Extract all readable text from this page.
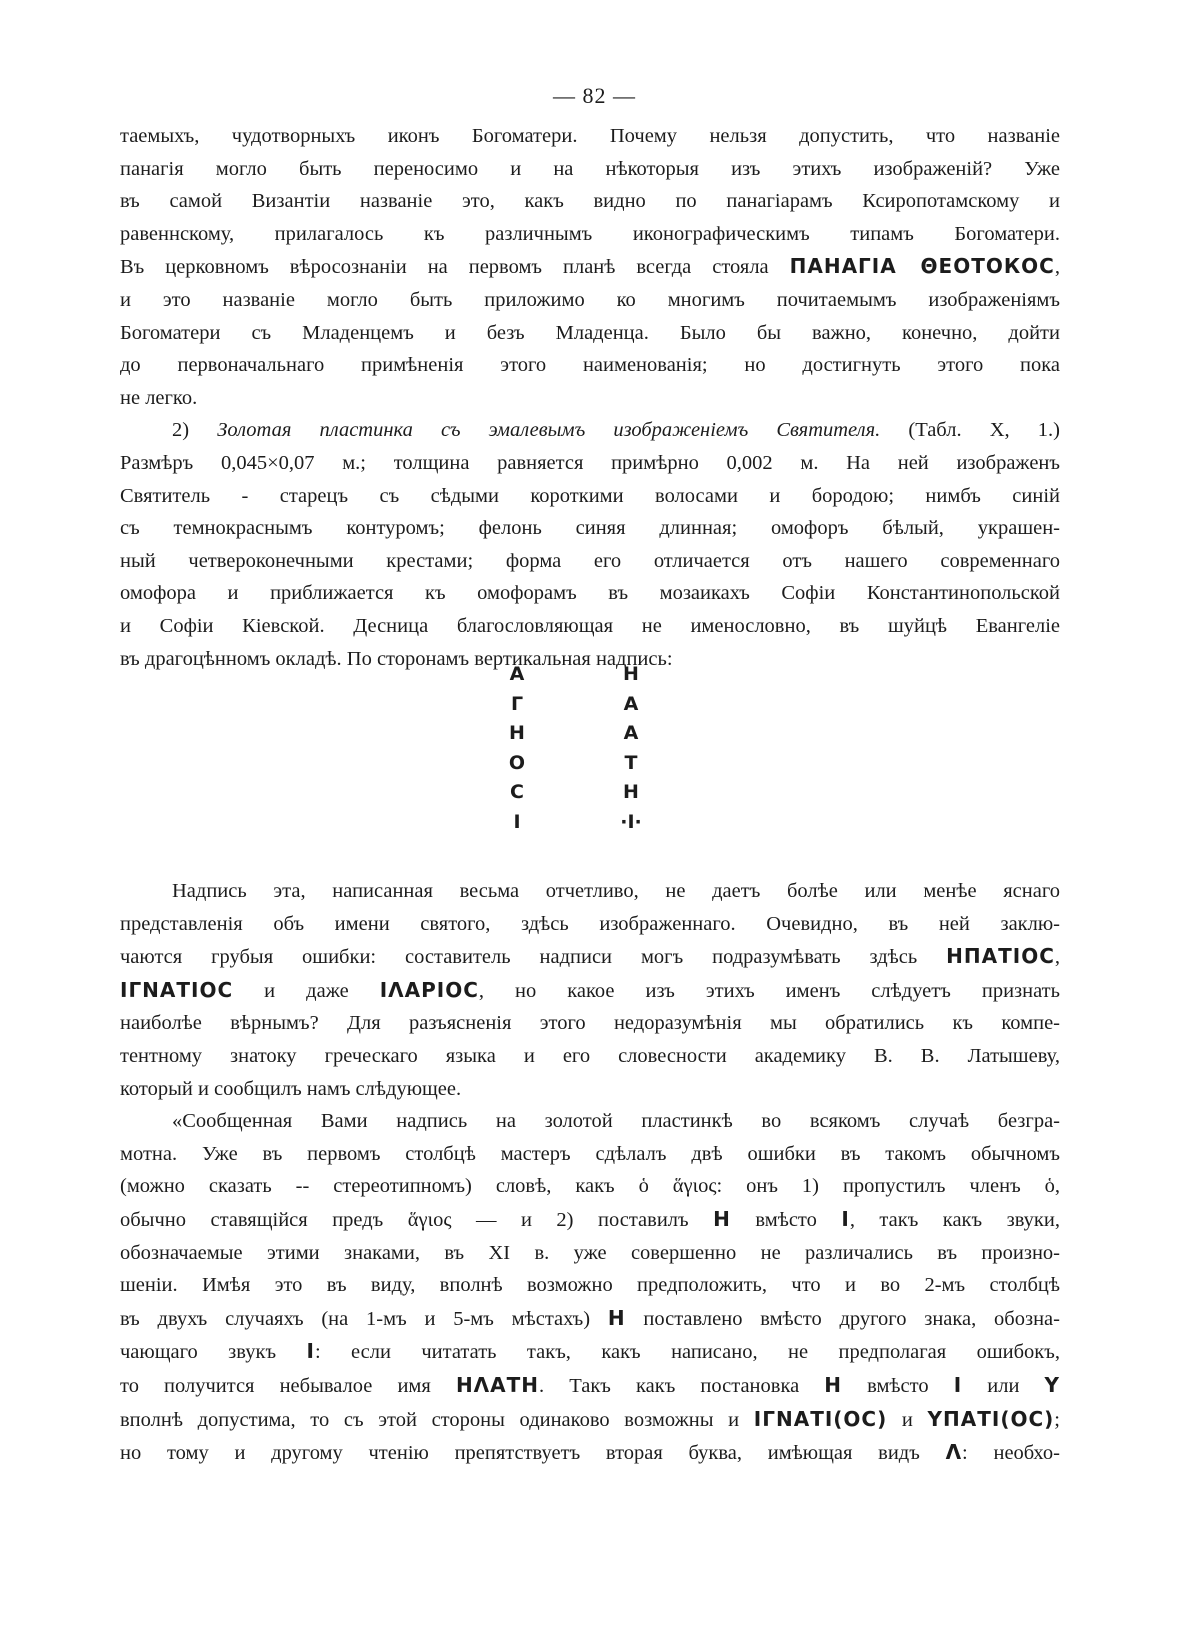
— 82 —
таемыхъ, чудотворныхъ иконъ Богоматери. Почему нельзя допустить, что названiе
панагiя могло быть переносимо и на нѣкоторыя изъ этихъ изображенiй? Уже
въ самой Византiи названiе это, какъ видно по панагiарамъ Ксиропотамскому и
равеннскому, прилагалось къ различнымъ иконографическимъ типамъ Богоматери.
Въ церковномъ вѣросознанiи на первомъ планѣ всегда стояла ПАНАГIА ΘЕОТОКОС,
и это названiе могло быть приложимо ко многимъ почитаемымъ изображенiямъ
Богоматери съ Младенцемъ и безъ Младенца. Было бы важно, конечно, дойти
до первоначальнаго примѣненiя этого наименованiя; но достигнуть этого пока
не легко.
2) Золотая пластинка съ эмалевымъ изображенiемъ Святителя. (Табл. X, 1.)
Размѣръ 0,045×0,07 м.; толщина равняется примѣрно 0,002 м. На ней изображенъ
Святитель - старецъ съ сѣдыми короткими волосами и бородою; нимбъ синiй
съ темнокраснымъ контуромъ; фелонь синяя длинная; омофоръ бѣлый, украшен-
ный четвероконечными крестами; форма его отличается отъ нашего современнаго
омофора и приближается къ омофорамъ въ мозаикахъ Софiи Константинопольской
и Софiи Кiевской. Десница благословляющая не именословно, въ шуйцѣ Евангелiе
въ драгоцѣнномъ окладѣ. По сторонамъ вертикальная надпись:
А
Г
Н
О
С
I
Н
А
А
Т
Н
·I·
Надпись эта, написанная весьма отчетливо, не даетъ болѣе или менѣе яснаго
представленiя объ имени святого, здѣсь изображеннаго. Очевидно, въ ней заклю-
чаются грубыя ошибки: составитель надписи могъ подразумѣвать здѣсь ΗΠΑΤΙΟC,
ΙΓΝΑΤΙΟC и даже ΙΛΑΡΙΟC, но какое изъ этихъ именъ слѣдуетъ признать
наиболѣе вѣрнымъ? Для разъясненiя этого недоразумѣнiя мы обратились къ компе-
тентному знатоку греческаго языка и его словесности академику В. В. Латышеву,
который и сообщилъ намъ слѣдующее.
«Сообщенная Вами надпись на золотой пластинкѣ во всякомъ случаѣ безгра-
мотна. Уже въ первомъ столбцѣ мастеръ сдѣлалъ двѣ ошибки въ такомъ обычномъ
(можно сказать -- стереотипномъ) словѣ, какъ ὁ ἅγιος: онъ 1) пропустилъ членъ ὁ,
обычно ставящiйся предъ ἅγιος — и 2) поставилъ Η вмѣсто Ι, такъ какъ звуки,
обозначаемые этими знаками, въ XI в. уже совершенно не различались въ произно-
шенiи. Имѣя это въ виду, вполнѣ возможно предположить, что и во 2-мъ столбцѣ
въ двухъ случаяхъ (на 1-мъ и 5-мъ мѣстахъ) Η поставлено вмѣсто другого знака, обозна-
чающаго звукъ Ι: если читатать такъ, какъ написано, не предполагая ошибокъ,
то получится небывалое имя ΗΛΑΤΗ. Такъ какъ постановка Η вмѣсто Ι или Υ
вполнѣ допустима, то съ этой стороны одинаково возможны и ΙΓΝΑΤΙ(ΟC) и ΥΠΑΤΙ(ΟC);
но тому и другому чтенiю препятствуетъ вторая буква, имѣющая видъ Λ: необхо-
